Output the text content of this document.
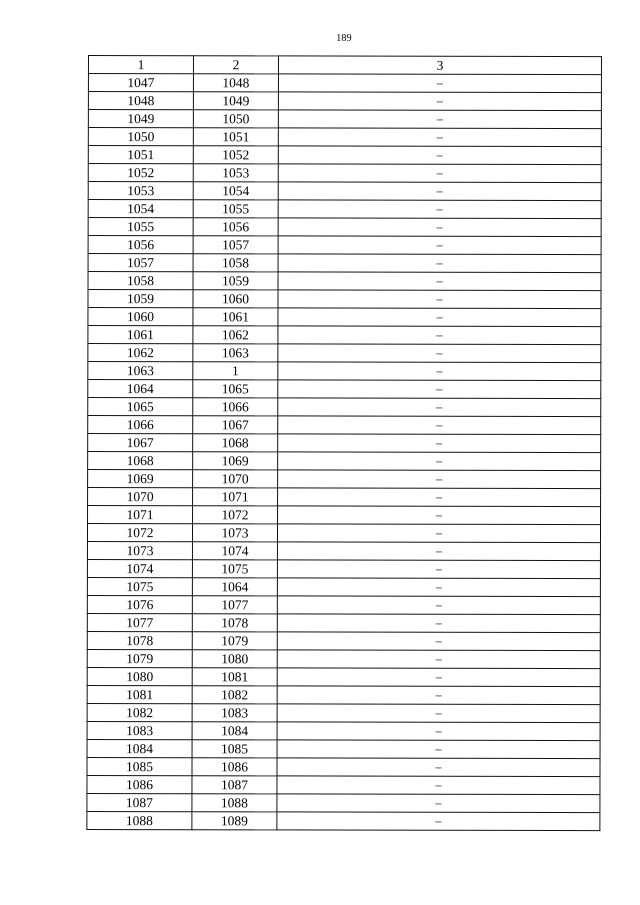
189
1	2	3
1047	1048	–
1048	1049	–
1049	1050	–
1050	1051	–
1051	1052	–
1052	1053	–
1053	1054	–
1054	1055	–
1055	1056	–
1056	1057	–
1057	1058	–
1058	1059	–
1059	1060	–
1060	1061	–
1061	1062	–
1062	1063	–
1063	1	–
1064	1065	–
1065	1066	–
1066	1067	–
1067	1068	–
1068	1069	–
1069	1070	–
1070	1071	–
1071	1072	–
1072	1073	–
1073	1074	–
1074	1075	–
1075	1064	–
1076	1077	–
1077	1078	–
1078	1079	–
1079	1080	–
1080	1081	–
1081	1082	–
1082	1083	–
1083	1084	–
1084	1085	–
1085	1086	–
1086	1087	–
1087	1088	–
1088	1089	–
